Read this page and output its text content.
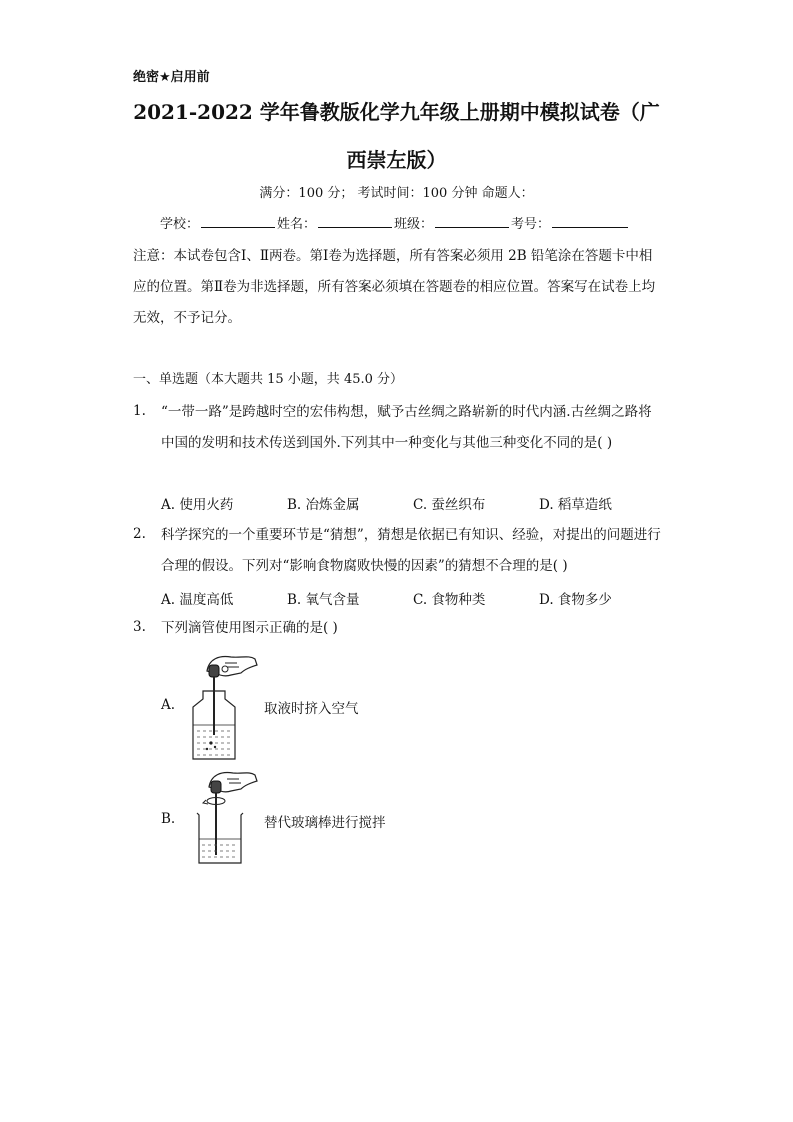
绝密★启用前
2021-2022 学年鲁教版化学九年级上册期中模拟试卷（广
西崇左版）
满分：100 分； 考试时间：100 分钟 命题人：
学校：	姓名：	班级：	考号：
注意：本试卷包含Ⅰ、Ⅱ两卷。第Ⅰ卷为选择题，所有答案必须用 2B 铅笔涂在答题卡中相应的位置。第Ⅱ卷为非选择题，所有答案必须填在答题卷的相应位置。答案写在试卷上均无效，不予记分。
一、单选题（本大题共 15 小题，共 45.0 分）
1. “一带一路”是跨越时空的宏伟构想，赋予古丝绸之路崭新的时代内涵.古丝绸之路将中国的发明和技术传送到国外.下列其中一种变化与其他三种变化不同的是( )
A. 使用火药	B. 冶炼金属	C. 蚕丝织布	D. 稻草造纸
2. 科学探究的一个重要环节是“猜想”，猜想是依据已有知识、经验，对提出的问题进行合理的假设。下列对“影响食物腐败快慢的因素”的猜想不合理的是( )
A. 温度高低	B. 氧气含量	C. 食物种类	D. 食物多少
3. 下列滴管使用图示正确的是( )
A.	取液时挤入空气
B.	替代玻璃棒进行搅拌
